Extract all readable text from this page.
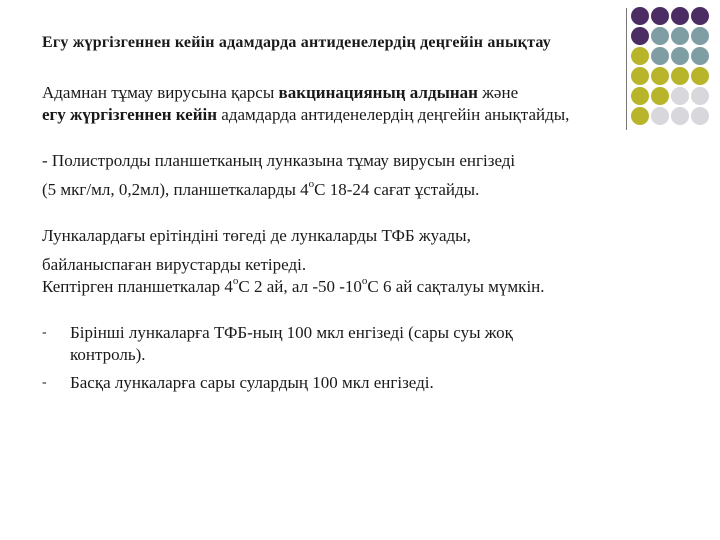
Егу жүргізгеннен кейін адамдарда антиденелердің деңгейін анықтау

Адамнан тұмау вирусына қарсы вакцинацияның алдынан және
егу жүргізгеннен кейін адамдарда антиденелердің деңгейін анықтайды,

- Полистролды планшетканың лунказына тұмау вирусын енгізеді
(5 мкг/мл, 0,2мл), планшеткаларды $4^оС$ 18-24 сағат ұстайды.

Лункалардағы ерітіндіні төгеді де лункаларды ТФБ жуады,
байланыспаған вирустарды кетіреді.
Кептірген планшеткалар $4^оС$ 2 ай, ал -50 $-10^оС$ 6 ай сақталуы мүмкін.

- Бірінші лункаларға ТФБ-ның 100 мкл енгізеді (сары суы жоқ
контроль).
- Басқа лункаларға сары сулардың 100 мкл енгізеді.
